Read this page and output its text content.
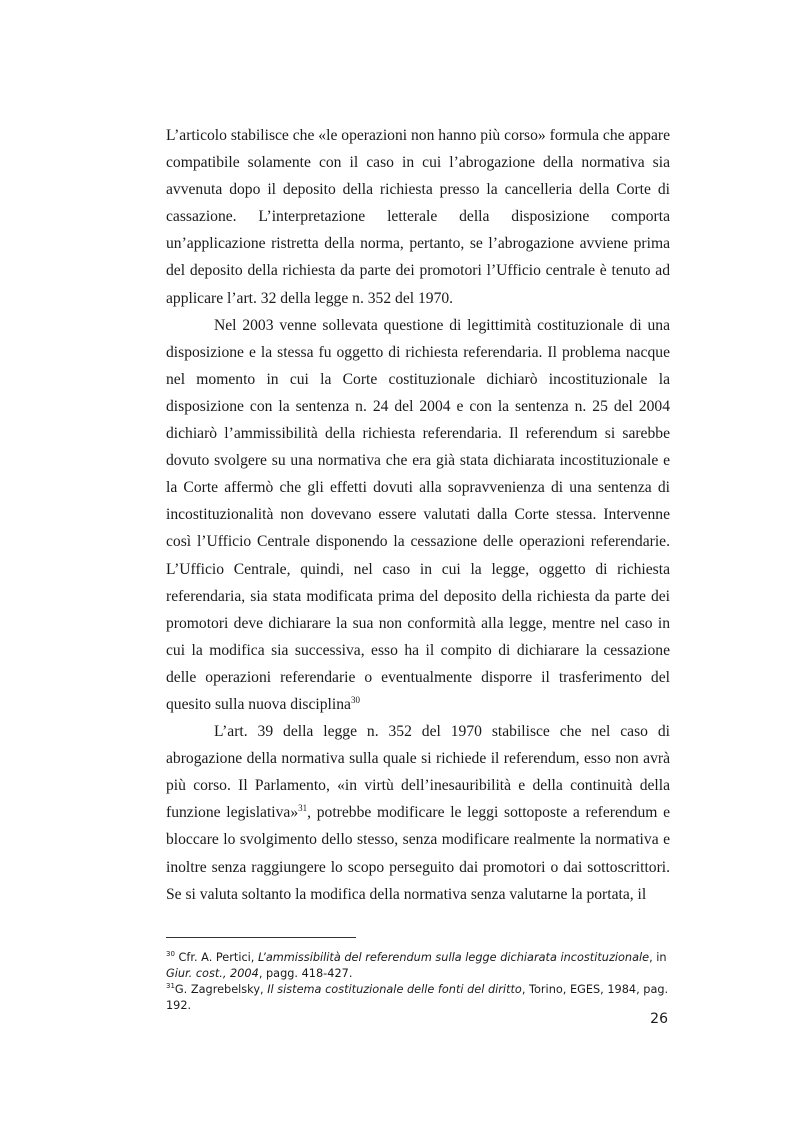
L’articolo stabilisce che «le operazioni non hanno più corso» formula che appare compatibile solamente con il caso in cui l’abrogazione della normativa sia avvenuta dopo il deposito della richiesta presso la cancelleria della Corte di cassazione. L’interpretazione letterale della disposizione comporta un’applicazione ristretta della norma, pertanto, se l’abrogazione avviene prima del deposito della richiesta da parte dei promotori l’Ufficio centrale è tenuto ad applicare l’art. 32 della legge n. 352 del 1970.

Nel 2003 venne sollevata questione di legittimità costituzionale di una disposizione e la stessa fu oggetto di richiesta referendaria. Il problema nacque nel momento in cui la Corte costituzionale dichiarò incostituzionale la disposizione con la sentenza n. 24 del 2004 e con la sentenza n. 25 del 2004 dichiarò l’ammissibilità della richiesta referendaria. Il referendum si sarebbe dovuto svolgere su una normativa che era già stata dichiarata incostituzionale e la Corte affermò che gli effetti dovuti alla sopravvenienza di una sentenza di incostituzionalità non dovevano essere valutati dalla Corte stessa. Intervenne così l’Ufficio Centrale disponendo la cessazione delle operazioni referendarie. L’Ufficio Centrale, quindi, nel caso in cui la legge, oggetto di richiesta referendaria, sia stata modificata prima del deposito della richiesta da parte dei promotori deve dichiarare la sua non conformità alla legge, mentre nel caso in cui la modifica sia successiva, esso ha il compito di dichiarare la cessazione delle operazioni referendarie o eventualmente disporre il trasferimento del quesito sulla nuova disciplina$^{30}$

L’art. 39 della legge n. 352 del 1970 stabilisce che nel caso di abrogazione della normativa sulla quale si richiede il referendum, esso non avrà più corso. Il Parlamento, «in virtù dell’inesauribilità e della continuità della funzione legislativa»$^{31}$, potrebbe modificare le leggi sottoposte a referendum e bloccare lo svolgimento dello stesso, senza modificare realmente la normativa e inoltre senza raggiungere lo scopo perseguito dai promotori o dai sottoscrittori. Se si valuta soltanto la modifica della normativa senza valutarne la portata, il

$^{30}$ Cfr. A. Pertici, L’ammissibilità del referendum sulla legge dichiarata incostituzionale, in Giur. cost., 2004, pagg. 418-427.

$^{31}$G. Zagrebelsky, Il sistema costituzionale delle fonti del diritto, Torino, EGES, 1984, pag. 192.

26
